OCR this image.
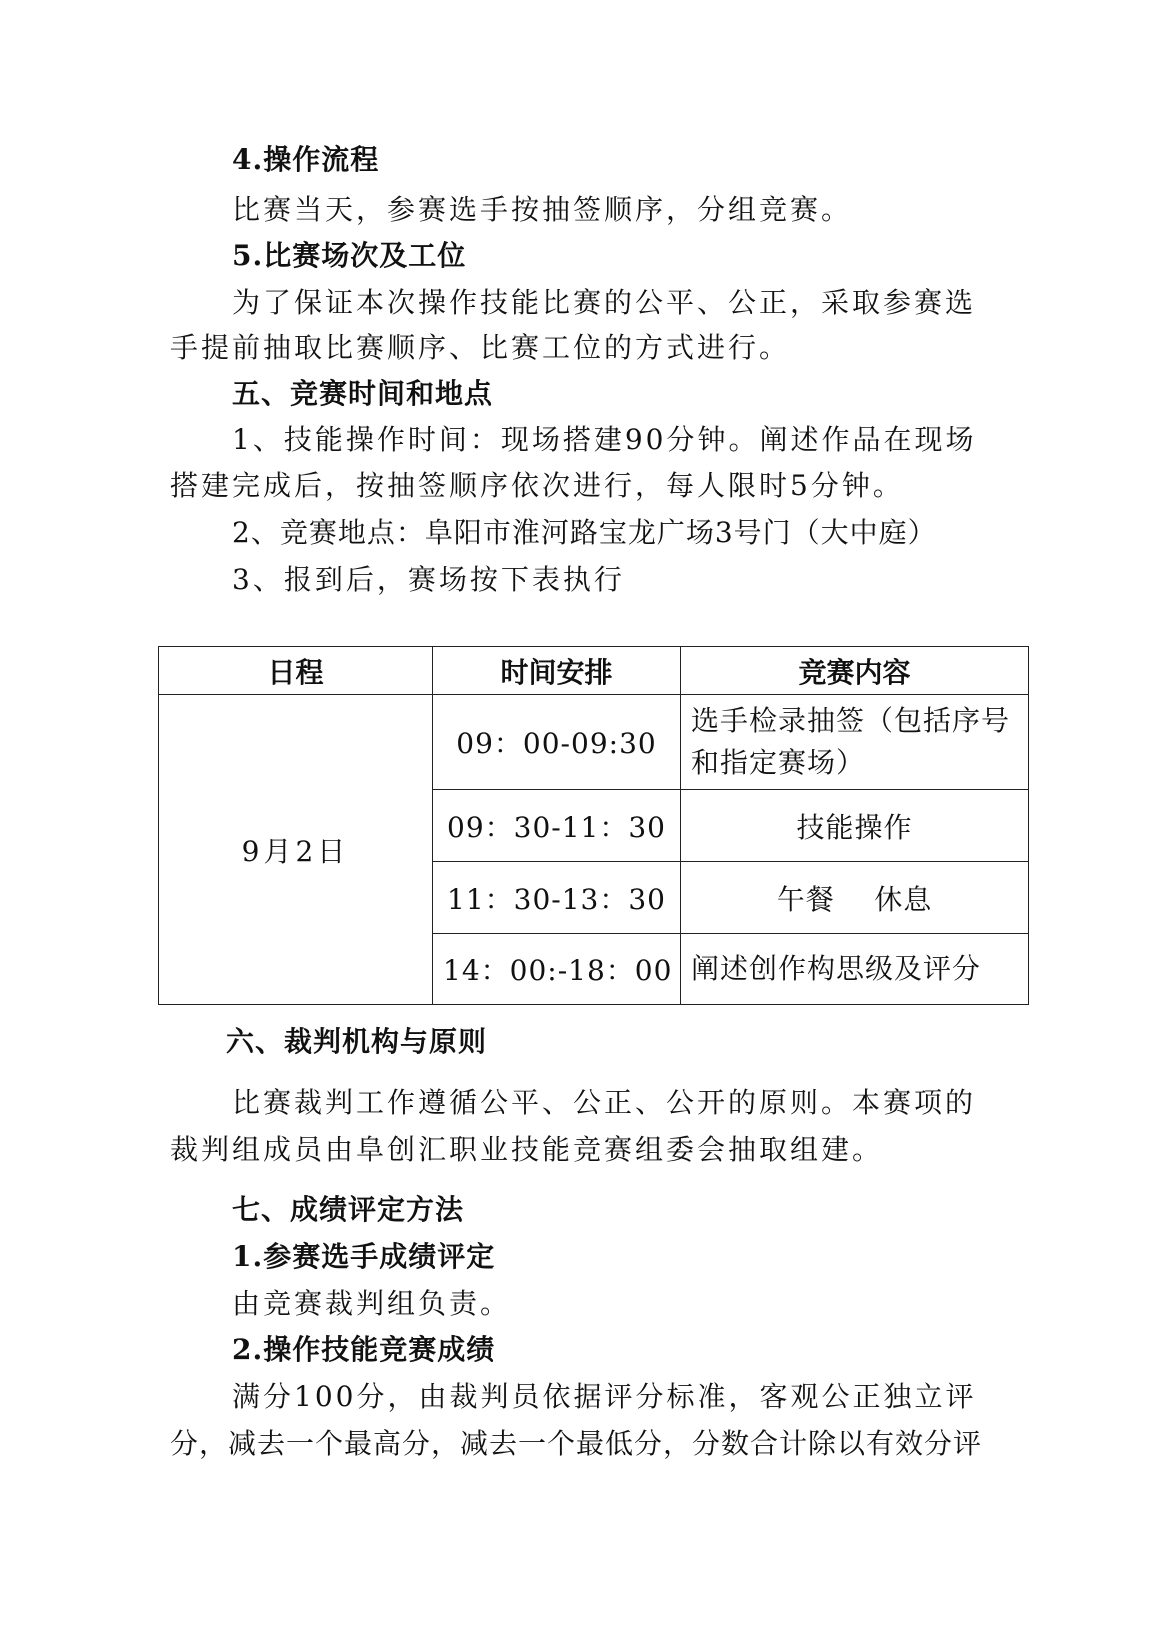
4.操作流程
比赛当天，参赛选手按抽签顺序，分组竞赛。
5.比赛场次及工位
为了保证本次操作技能比赛的公平、公正，采取参赛选
手提前抽取比赛顺序、比赛工位的方式进行。
五、竞赛时间和地点
1、技能操作时间：现场搭建90分钟。阐述作品在现场
搭建完成后，按抽签顺序依次进行，每人限时5分钟。
2、竞赛地点：阜阳市淮河路宝龙广场3号门（大中庭）
3、报到后，赛场按下表执行
日程	时间安排	竞赛内容
9月2日	09：00-09:30	选手检录抽签（包括序号和指定赛场）
	09：30-11：30	技能操作
	11：30-13：30	午餐    休息
	14：00:-18：00	阐述创作构思级及评分
六、裁判机构与原则
比赛裁判工作遵循公平、公正、公开的原则。本赛项的
裁判组成员由阜创汇职业技能竞赛组委会抽取组建。
七、成绩评定方法
1.参赛选手成绩评定
由竞赛裁判组负责。
2.操作技能竞赛成绩
满分100分，由裁判员依据评分标准，客观公正独立评
分，减去一个最高分，减去一个最低分，分数合计除以有效分评
